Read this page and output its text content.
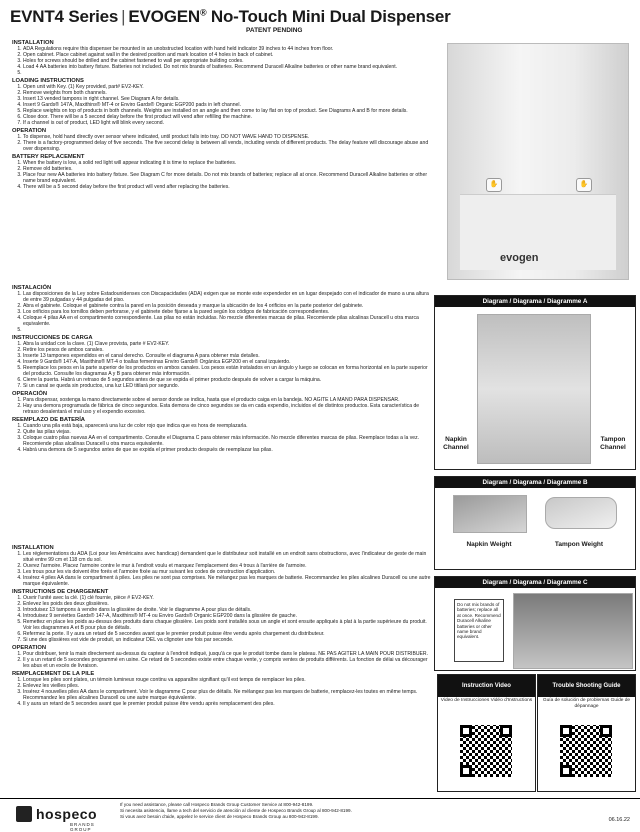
EVNT4 Series | EVOGEN® No-Touch Mini Dual Dispenser
PATENT PENDING
INSTALLATION
1. ADA Regulations require this dispenser be mounted in an unobstructed location with hand held indicator 39 inches to 44 inches from floor.
2. Open cabinet. Place cabinet against wall in the desired position and mark location of 4 holes in back of cabinet.
3. Holes for screws should be drilled and the cabinet fastened to wall per appropriate building codes.
4. Load 4 AA batteries into battery fixture. Batteries not included. Do not mix brands of batteries. Recommend Duracell Alkaline batteries or other name brand equivalent.
5.
LOADING INSTRUCTIONS
1. Open unit with Key. (1) Key provided, part# EV2-KEY.
2. Remove weights from both channels.
3. Insert 13 vended tampons in right channel. See Diagram A for details.
4. Insert 9 Gards® 147A, Maxithins® MT-4 or Enviro Gards® Organic EGP200 pads in left channel.
5. Replace weights on top of products in both channels. Weights are installed on an angle and then come to lay flat on top of product. See Diagrams A and B for more details.
6. Close door. There will be a 5 second delay before the first product will vend after refilling the machine.
7. If a channel is out of product, LED light will blink every second.
OPERATION
1. To dispense, hold hand directly over sensor where indicated, until product falls into tray. DO NOT WAVE HAND TO DISPENSE.
2. There is a factory-programmed delay of five seconds. The five second delay is between all vends, including vends of different products. The delay feature will discourage abuse and over dispensing.
BATTERY REPLACEMENT
1. When the battery is low, a solid red light will appear indicating it is time to replace the batteries.
2. Remove old batteries.
3. Place four new AA batteries into battery fixture. See Diagram C for more details. Do not mix brands of batteries; replace all at once. Recommend Duracell Alkaline batteries or other name brand equivalent.
4. There will be a 5 second delay before the first product will vend after replacing the batteries.
INSTALACIÓN
1. Las disposiciones de la Ley sobre Estadounidenses con Discapacidades (ADA) exigen que se monte este expendedor en un lugar despejado con el indicador de mano a una altura de entre 39 pulgadas y 44 pulgadas del piso.
2. Abra el gabinete. Coloque el gabinete contra la pared en la posición deseada y marque la ubicación de los 4 orificios en la parte posterior del gabinete.
3. Los orificios para los tornillos deben perforarse, y el gabinete debe fijarse a la pared según los códigos de fabricación correspondientes.
4. Coloque 4 pilas AA en el compartimento correspondiente. Las pilas no están incluidas. No mezcle diferentes marcas de pilas. Recomiende pilas alcalinas Duracell u otra marca equivalente.
5.
INSTRUCCIONES DE CARGA
1. Abra la unidad con la clave. (1) Clave provista, parte # EV2-KEY.
2. Retire los pesos de ambos canales.
3. Inserte 13 tampones expendidos en el canal derecho. Consulte el diagrama A para obtener más detalles.
4. Inserte 9 Gards® 147-A, Maxithins® MT-4 o toallas femeninas Enviro Gards® Orgánica EGP200 en el canal izquierdo.
5. Reemplace los pesos en la parte superior de los productos en ambos canales. Los pesos están instalados en un ángulo y luego se colocan en forma horizontal en la parte superior del producto. Consulte los diagramas A y B para obtener más información.
6. Cierre la puerta. Habrá un retraso de 5 segundos antes de que se expida el primer producto después de volver a cargar la máquina.
7. Si un canal se queda sin productos, una luz LED titilará por segundo.
OPERACIÓN
1. Para dispensar, sostenga la mano directamente sobre el sensor donde se indica, hasta que el producto caiga en la bandeja. NO AGITE LA MANO PARA DISPENSAR.
2. Hay una demora programada de fábrica de cinco segundos. Esta demora de cinco segundos se da en cada expendio, incluidos el de distintos productos. Esta característica de retraso desalentará el mal uso y el expendio excesivo.
REEMPLAZO DE BATERÍA
1. Cuando una pila está baja, aparecerá una luz de color rojo que indica que es hora de reemplazarla.
2. Quite las pilas viejas.
3. Coloque cuatro pilas nuevas AA en el compartimento. Consulte el Diagrama C para obtener más información. No mezcle diferentes marcas de pilas. Reemplace todas a la vez. Recomiende pilas alcalinas Duracell u otra marca equivalente.
4. Habrá una demora de 5 segundos antes de que se expida el primer producto después de reemplazar las pilas.
INSTALLATION
1. Les réglementations du ADA (Loi pour les Américains avec handicap) demandent que le distributeur soit installé en un endroit sans obstructions, avec l'indicateur de geste de main situé entre 99 cm et 118 cm du sol.
2. Ouvrez l'armoire. Placez l'armoire contre le mur à l'endroit voulu et marquez l'emplacement des 4 trous à l'arrière de l'armoire.
3. Les trous pour les vis doivent être forés et l'armoire fixée au mur suivant les codes de construction d'application.
4. Insérez 4 piles AA dans le compartiment à piles. Les piles ne sont pas comprises. Ne mélangez pas les marques de batterie. Recommandez les piles alcalines Duracell ou une autre marque équivalente.
INSTRUCTIONS DE CHARGEMENT
1. Ouvrir l'unité avec la clé. (1) clé fournie, pièce # EV2-KEY.
2. Enlevez les poids des deux glissières.
3. Introduisez 13 tampons à vendre dans la glissière de droite. Voir le diagramme A pour plus de détails.
4. Introduisez 9 serviettes Gards® 147-A, Maxithins® MT-4 ou Enviro Gards® Organic EGP200 dans la glissière de gauche.
5. Remettez en place les poids au-dessus des produits dans chaque glissière. Les poids sont installés sous un angle et sont ensuite appliqués à plat à la partie supérieure du produit. Voir les diagrammes A et B pour plus de détails.
6. Refermez la porte. Il y aura un retard de 5 secondes avant que le premier produit puisse être vendu après chargement du distributeur.
7. Si une des glissières est vide de produit, un indicateur DEL va clignoter une fois par seconde.
OPERATION
1. Pour distribuer, tenir la main directement au-dessus du capteur à l'endroit indiqué, jusqu'à ce que le produit tombe dans le plateau. NE PAS AGITER LA MAIN POUR DISTRIBUER.
2. Il y a un retard de 5 secondes programmé en usine. Ce retard de 5 secondes existe entre chaque vente, y compris ventes de produits différents. La fonction de délai va décourager les abus et un excès de livraison.
REMPLACEMENT DE LA PILE
1. Lorsque les piles sont plates, un témoin lumineux rouge continu va apparaître signifiant qu'il est temps de remplacer les piles.
2. Enlevez les vieilles piles.
3. Insérez 4 nouvelles piles AA dans le compartiment. Voir le diagramme C pour plus de détails. Ne mélangez pas les marques de batterie, remplacez-les toutes en même temps. Recommandez les piles alcalines Duracell ou une autre marque équivalente.
4. Il y aura un retard de 5 secondes avant que le premier produit puisse être vendu après remplacement des piles.
✋	✋
evogen
Diagram / Diagrama / Diagramme A
Napkin Channel
Tampon Channel
Diagram / Diagrama / Diagramme B
Napkin Weight	Tampon Weight
Diagram / Diagrama / Diagramme C
Do not mix brands of batteries; replace all at once. Recommend Duracell Alkaline batteries or other name brand equivalent.
Instruction Video
Video de Instrucciones Vidéo d'Instructions
Trouble Shooting Guide
Guía de solución de problemas Guide de dépannage
hospeco
BRANDS GROUP
If you need assistance, please call Hospeco Brands Group Customer Service at 800-942-8199.
Si necesita asistencia, llame a tech del servicio de atención al cliente de Hospeco Brands Group al 800-942-8199.
Si vous avez besoin d'aide, appelez le service client de Hospeco Brands Group au 800-942-8199.
06.16.22
